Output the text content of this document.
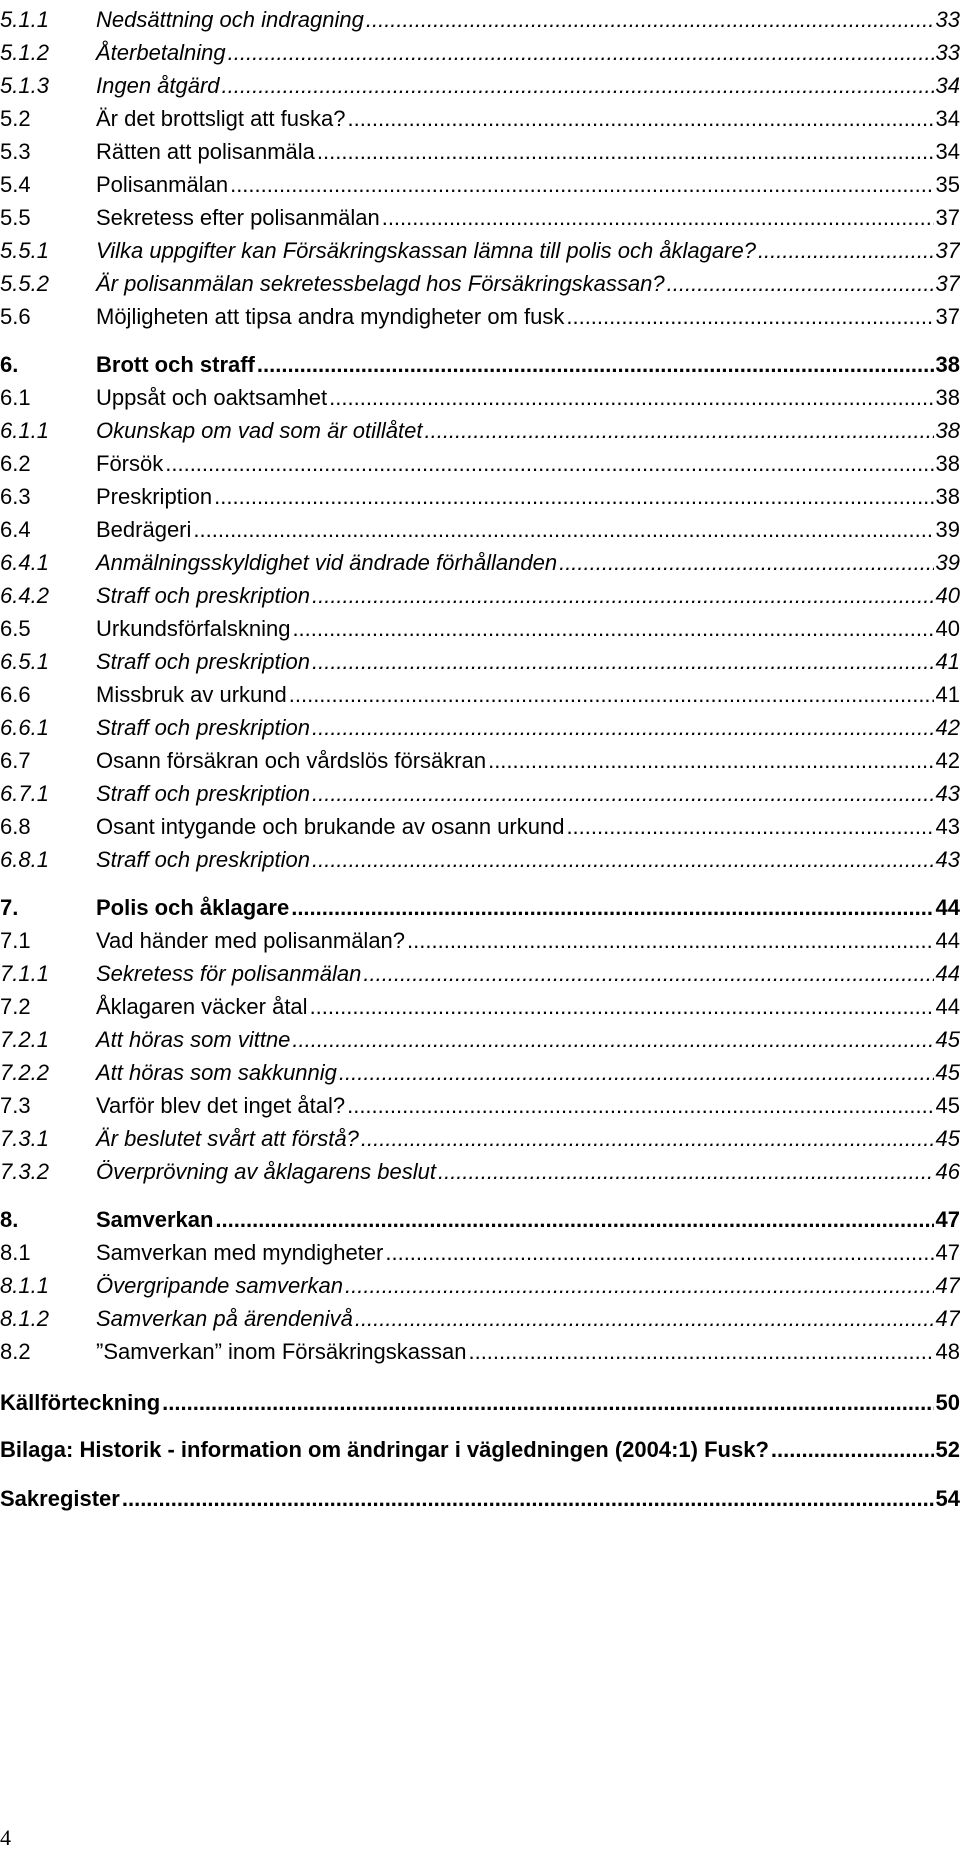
5.1.1 Nedsättning och indragning .....	33
5.1.2 Återbetalning .....	33
5.1.3 Ingen åtgärd .....	34
5.2	Är det brottsligt att fuska? .....	34
5.3	Rätten att polisanmäla .....	34
5.4	Polisanmälan .....	35
5.5	Sekretess efter polisanmälan .....	37
5.5.1 Vilka uppgifter kan Försäkringskassan lämna till polis och åklagare? .....	37
5.5.2 Är polisanmälan sekretessbelagd hos Försäkringskassan? .....	37
5.6	Möjligheten att tipsa andra myndigheter om fusk .....	37
6.	Brott och straff .....	38
6.1	Uppsåt och oaktsamhet .....	38
6.1.1 Okunskap om vad som är otillåtet .....	38
6.2	Försök .....	38
6.3	Preskription .....	38
6.4	Bedrägeri .....	39
6.4.1 Anmälningsskyldighet vid ändrade förhållanden .....	39
6.4.2 Straff och preskription .....	40
6.5	Urkundsförfalskning .....	40
6.5.1 Straff och preskription .....	41
6.6	Missbruk av urkund .....	41
6.6.1 Straff och preskription .....	42
6.7	Osann försäkran och vårdslös försäkran .....	42
6.7.1 Straff och preskription .....	43
6.8	Osant intygande och brukande av osann urkund .....	43
6.8.1 Straff och preskription .....	43
7.	Polis och åklagare .....	44
7.1	Vad händer med polisanmälan? .....	44
7.1.1 Sekretess för polisanmälan .....	44
7.2	Åklagaren väcker åtal .....	44
7.2.1 Att höras som vittne .....	45
7.2.2 Att höras som sakkunnig .....	45
7.3	Varför blev det inget åtal? .....	45
7.3.1 Är beslutet svårt att förstå? .....	45
7.3.2 Överprövning av åklagarens beslut .....	46
8.	Samverkan .....	47
8.1	Samverkan med myndigheter .....	47
8.1.1 Övergripande samverkan .....	47
8.1.2 Samverkan på ärendenivå .....	47
8.2	”Samverkan” inom Försäkringskassan .....	48
Källförteckning .....	50
Bilaga: Historik - information om ändringar i vägledningen (2004:1) Fusk? .....	52
Sakregister .....	54
4
